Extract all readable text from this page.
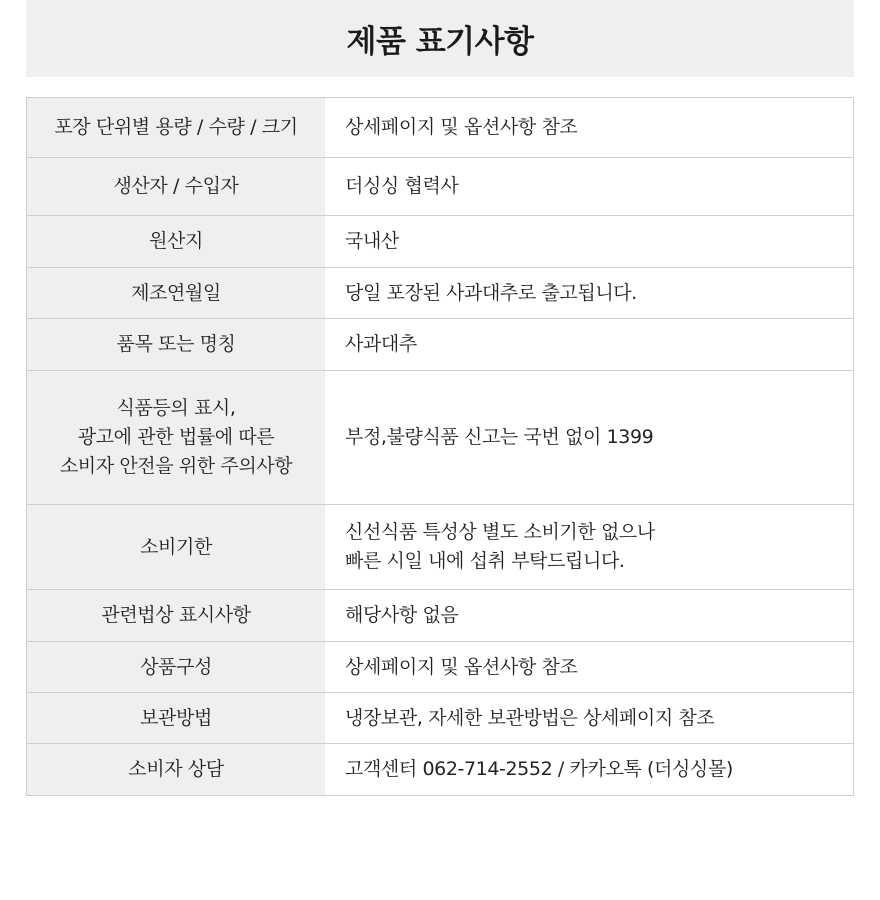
제품 표기사항
포장 단위별 용량 / 수량 / 크기	상세페이지 및 옵션사항 참조

생산자 / 수입자	더싱싱 협력사

원산지	국내산

제조연월일	당일 포장된 사과대추로 출고됩니다.

품목 또는 명칭	사과대추

식품등의 표시,
광고에 관한 법률에 따른
소비자 안전을 위한 주의사항	부정,불량식품 신고는 국번 없이 1399

소비기한	신선식품 특성상 별도 소비기한 없으나
빠른 시일 내에 섭취 부탁드립니다.

관련법상 표시사항	해당사항 없음

상품구성	상세페이지 및 옵션사항 참조

보관방법	냉장보관, 자세한 보관방법은 상세페이지 참조

소비자 상담	고객센터 062-714-2552 / 카카오톡 (더싱싱몰)
